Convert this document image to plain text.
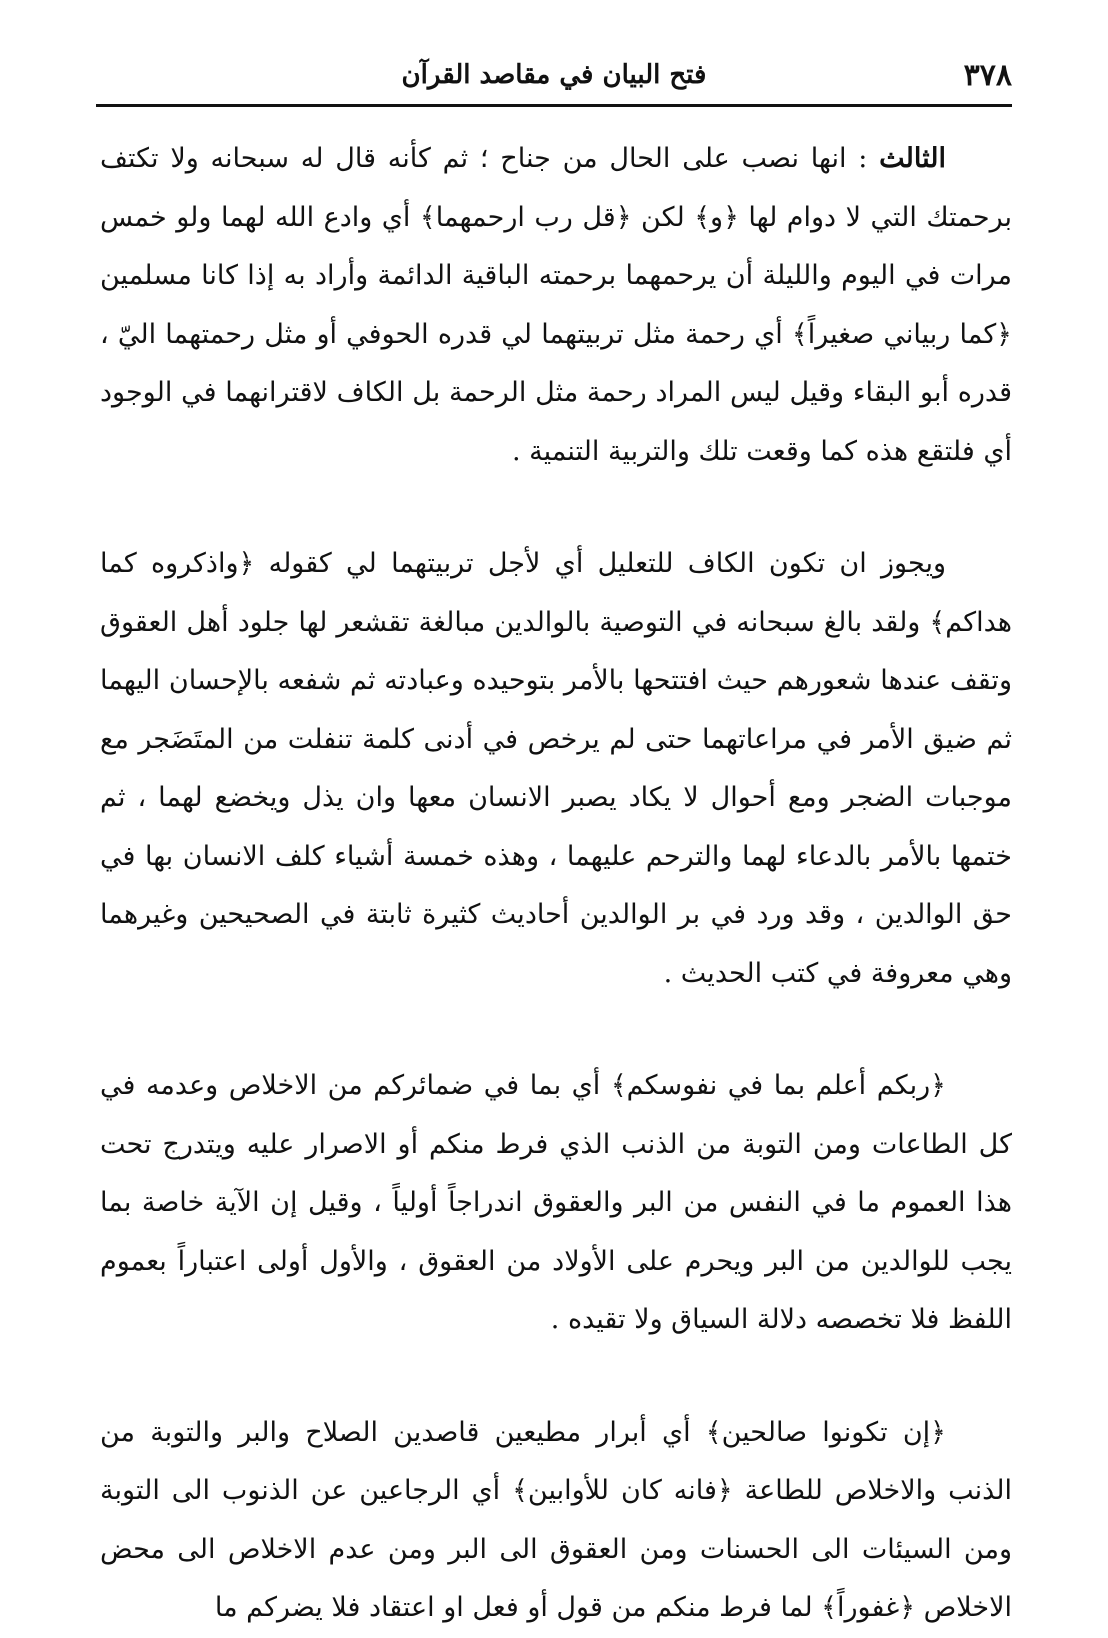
٣٧٨
فتح البيان في مقاصد القرآن

الثالث : انها نصب على الحال من جناح ؛ ثم كأنه قال له سبحانه ولا تكتف برحمتك التي لا دوام لها ﴿و﴾ لكن ﴿قل رب ارحمهما﴾ أي وادع الله لهما ولو خمس مرات في اليوم والليلة أن يرحمهما برحمته الباقية الدائمة وأراد به إذا كانا مسلمين ﴿كما ربياني صغيراً﴾ أي رحمة مثل تربيتهما لي قدره الحوفي أو مثل رحمتهما اليّ ، قدره أبو البقاء وقيل ليس المراد رحمة مثل الرحمة بل الكاف لاقترانهما في الوجود أي فلتقع هذه كما وقعت تلك والتربية التنمية .

ويجوز ان تكون الكاف للتعليل أي لأجل تربيتهما لي كقوله ﴿واذكروه كما هداكم﴾ ولقد بالغ سبحانه في التوصية بالوالدين مبالغة تقشعر لها جلود أهل العقوق وتقف عندها شعورهم حيث افتتحها بالأمر بتوحيده وعبادته ثم شفعه بالإحسان اليهما ثم ضيق الأمر في مراعاتهما حتى لم يرخص في أدنى كلمة تنفلت من المتَضَجر مع موجبات الضجر ومع أحوال لا يكاد يصبر الانسان معها وان يذل ويخضع لهما ، ثم ختمها بالأمر بالدعاء لهما والترحم عليهما ، وهذه خمسة أشياء كلف الانسان بها في حق الوالدين ، وقد ورد في بر الوالدين أحاديث كثيرة ثابتة في الصحيحين وغيرهما وهي معروفة في كتب الحديث .

﴿ربكم أعلم بما في نفوسكم﴾ أي بما في ضمائركم من الاخلاص وعدمه في كل الطاعات ومن التوبة من الذنب الذي فرط منكم أو الاصرار عليه ويتدرج تحت هذا العموم ما في النفس من البر والعقوق اندراجاً أولياً ، وقيل إن الآية خاصة بما يجب للوالدين من البر ويحرم على الأولاد من العقوق ، والأول أولى اعتباراً بعموم اللفظ فلا تخصصه دلالة السياق ولا تقيده .

﴿إن تكونوا صالحين﴾ أي أبرار مطيعين قاصدين الصلاح والبر والتوبة من الذنب والاخلاص للطاعة ﴿فانه كان للأوابين﴾ أي الرجاعين عن الذنوب الى التوبة ومن السيئات الى الحسنات ومن العقوق الى البر ومن عدم الاخلاص الى محض الاخلاص ﴿غفوراً﴾ لما فرط منكم من قول أو فعل او اعتقاد فلا يضركم ما
